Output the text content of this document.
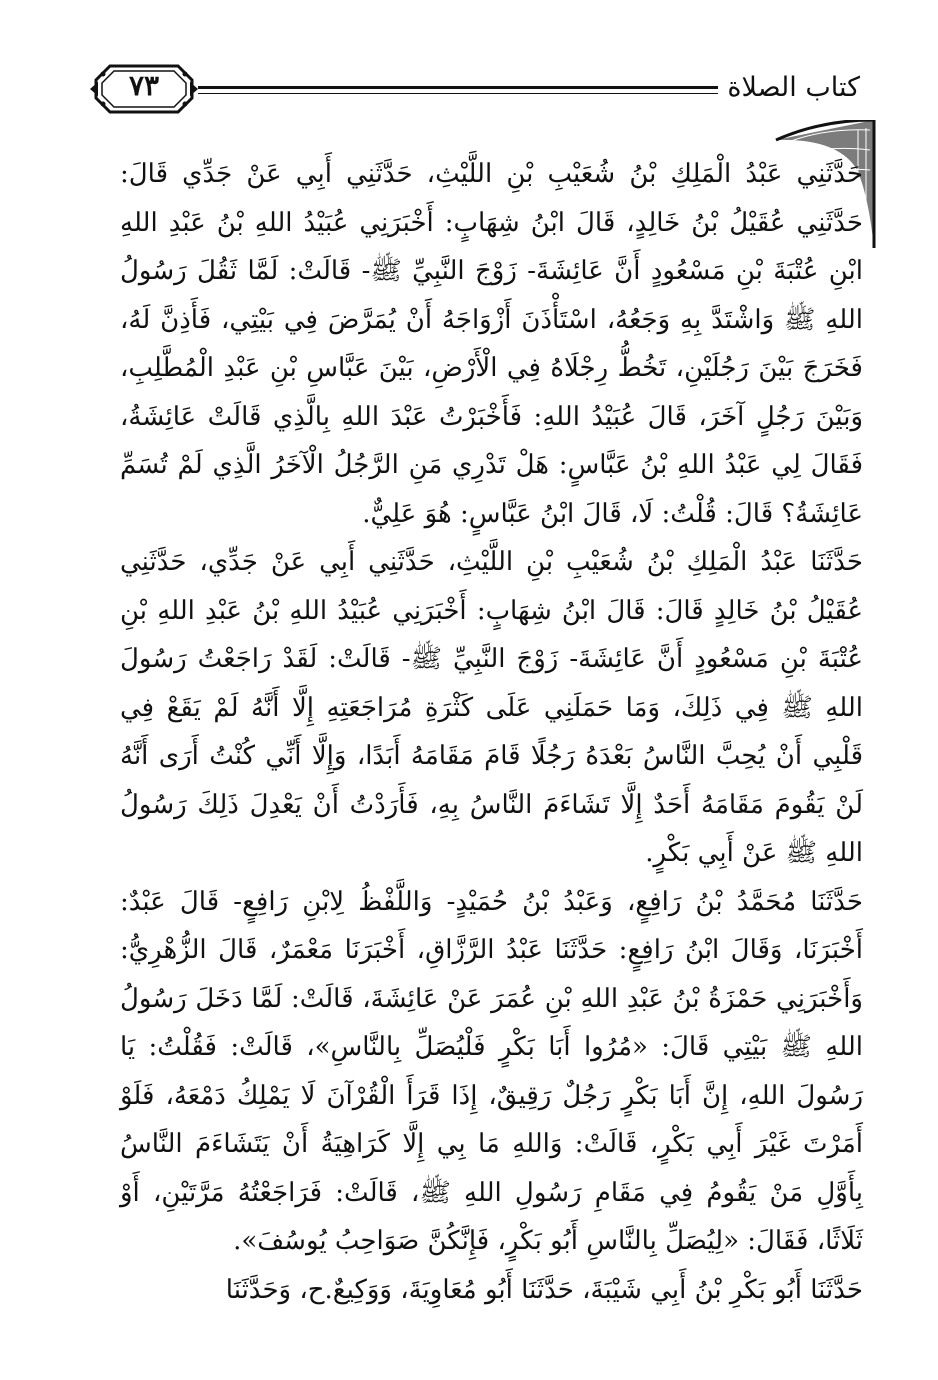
كتاب الصلاة
٧٣

حَدَّثَنِي عَبْدُ الْمَلِكِ بْنُ شُعَيْبِ بْنِ اللَّيْثِ، حَدَّثَنِي أَبِي عَنْ جَدِّي قَالَ: حَدَّثَنِي عُقَيْلُ بْنُ خَالِدٍ، قَالَ ابْنُ شِهَابٍ: أَخْبَرَنِي عُبَيْدُ اللهِ بْنُ عَبْدِ اللهِ ابْنِ عُتْبَةَ بْنِ مَسْعُودٍ أَنَّ عَائِشَةَ- زَوْجَ النَّبِيِّ ﷺ- قَالَتْ: لَمَّا ثَقُلَ رَسُولُ اللهِ ﷺ وَاشْتَدَّ بِهِ وَجَعُهُ، اسْتَأْذَنَ أَزْوَاجَهُ أَنْ يُمَرَّضَ فِي بَيْتِي، فَأَذِنَّ لَهُ، فَخَرَجَ بَيْنَ رَجُلَيْنِ، تَخُطُّ رِجْلَاهُ فِي الْأَرْضِ، بَيْنَ عَبَّاسِ بْنِ عَبْدِ الْمُطَّلِبِ، وَبَيْنَ رَجُلٍ آخَرَ، قَالَ عُبَيْدُ اللهِ: فَأَخْبَرْتُ عَبْدَ اللهِ بِالَّذِي قَالَتْ عَائِشَةُ، فَقَالَ لِي عَبْدُ اللهِ بْنُ عَبَّاسٍ: هَلْ تَدْرِي مَنِ الرَّجُلُ الْآخَرُ الَّذِي لَمْ تُسَمِّ عَائِشَةُ؟ قَالَ: قُلْتُ: لَا، قَالَ ابْنُ عَبَّاسٍ: هُوَ عَلِيٌّ.

حَدَّثَنَا عَبْدُ الْمَلِكِ بْنُ شُعَيْبِ بْنِ اللَّيْثِ، حَدَّثَنِي أَبِي عَنْ جَدِّي، حَدَّثَنِي عُقَيْلُ بْنُ خَالِدٍ قَالَ: قَالَ ابْنُ شِهَابٍ: أَخْبَرَنِي عُبَيْدُ اللهِ بْنُ عَبْدِ اللهِ بْنِ عُتْبَةَ بْنِ مَسْعُودٍ أَنَّ عَائِشَةَ- زَوْجَ النَّبِيِّ ﷺ- قَالَتْ: لَقَدْ رَاجَعْتُ رَسُولَ اللهِ ﷺ فِي ذَلِكَ، وَمَا حَمَلَنِي عَلَى كَثْرَةِ مُرَاجَعَتِهِ إِلَّا أَنَّهُ لَمْ يَقَعْ فِي قَلْبِي أَنْ يُحِبَّ النَّاسُ بَعْدَهُ رَجُلًا قَامَ مَقَامَهُ أَبَدًا، وَإِلَّا أَنِّي كُنْتُ أَرَى أَنَّهُ لَنْ يَقُومَ مَقَامَهُ أَحَدٌ إِلَّا تَشَاءَمَ النَّاسُ بِهِ، فَأَرَدْتُ أَنْ يَعْدِلَ ذَلِكَ رَسُولُ اللهِ ﷺ عَنْ أَبِي بَكْرٍ.

حَدَّثَنَا مُحَمَّدُ بْنُ رَافِعٍ، وَعَبْدُ بْنُ حُمَيْدٍ- وَاللَّفْظُ لِابْنِ رَافِعٍ- قَالَ عَبْدٌ: أَخْبَرَنَا، وَقَالَ ابْنُ رَافِعٍ: حَدَّثَنَا عَبْدُ الرَّزَّاقِ، أَخْبَرَنَا مَعْمَرٌ، قَالَ الزُّهْرِيُّ: وَأَخْبَرَنِي حَمْزَةُ بْنُ عَبْدِ اللهِ بْنِ عُمَرَ عَنْ عَائِشَةَ، قَالَتْ: لَمَّا دَخَلَ رَسُولُ اللهِ ﷺ بَيْتِي قَالَ: «مُرُوا أَبَا بَكْرٍ فَلْيُصَلِّ بِالنَّاسِ»، قَالَتْ: فَقُلْتُ: يَا رَسُولَ اللهِ، إِنَّ أَبَا بَكْرٍ رَجُلٌ رَقِيقٌ، إِذَا قَرَأَ الْقُرْآنَ لَا يَمْلِكُ دَمْعَهُ، فَلَوْ أَمَرْتَ غَيْرَ أَبِي بَكْرٍ، قَالَتْ: وَاللهِ مَا بِي إِلَّا كَرَاهِيَةُ أَنْ يَتَشَاءَمَ النَّاسُ بِأَوَّلِ مَنْ يَقُومُ فِي مَقَامِ رَسُولِ اللهِ ﷺ، قَالَتْ: فَرَاجَعْتُهُ مَرَّتَيْنِ، أَوْ ثَلَاثًا، فَقَالَ: «لِيُصَلِّ بِالنَّاسِ أَبُو بَكْرٍ، فَإِنَّكُنَّ صَوَاحِبُ يُوسُفَ».

حَدَّثَنَا أَبُو بَكْرِ بْنُ أَبِي شَيْبَةَ، حَدَّثَنَا أَبُو مُعَاوِيَةَ، وَوَكِيعٌ.ح، وَحَدَّثَنَا
